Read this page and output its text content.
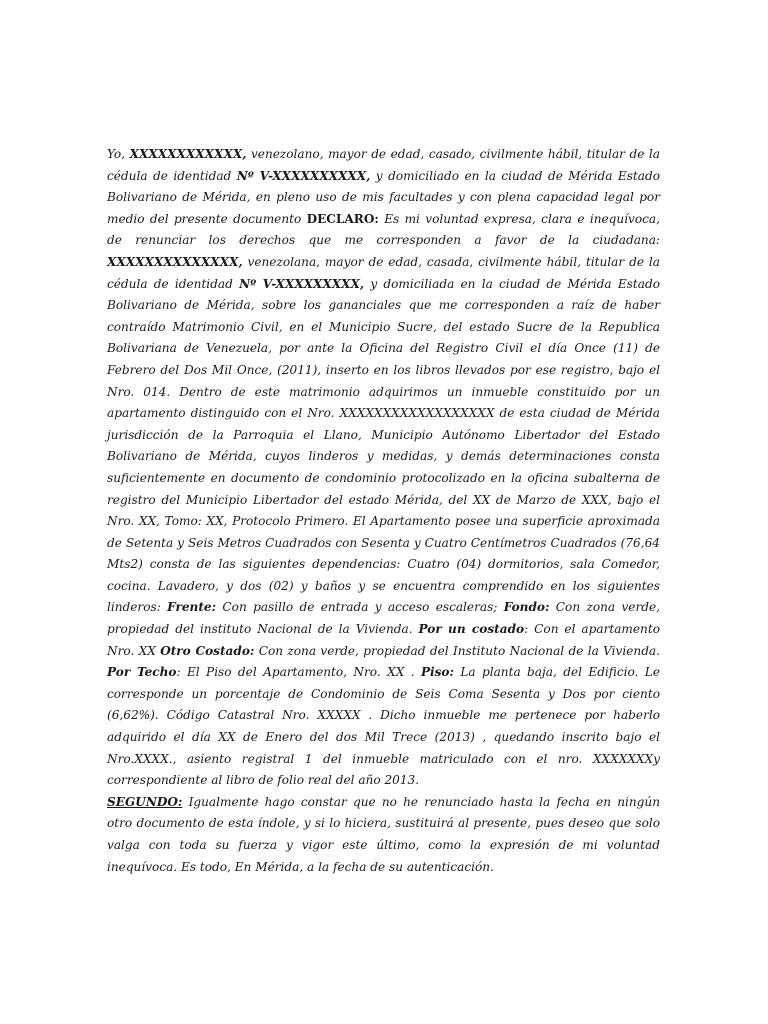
Yo, XXXXXXXXXXXX, venezolano, mayor de edad, casado, civilmente hábil, titular de la cédula de identidad Nº V-XXXXXXXXXX, y domiciliado en la ciudad de Mérida Estado Bolivariano de Mérida, en pleno uso de mis facultades y con plena capacidad legal por medio del presente documento DECLARO: Es mi voluntad expresa, clara e inequívoca, de renunciar los derechos que me corresponden a favor de la ciudadana: XXXXXXXXXXXXXX, venezolana, mayor de edad, casada, civilmente hábil, titular de la cédula de identidad Nº V-XXXXXXXXX, y domiciliada en la ciudad de Mérida Estado Bolivariano de Mérida, sobre los gananciales que me corresponden a raíz de haber contraído Matrimonio Civil, en el Municipio Sucre, del estado Sucre de la Republica Bolivariana de Venezuela, por ante la Oficina del Registro Civil el día Once (11) de Febrero del Dos Mil Once, (2011), inserto en los libros llevados por ese registro, bajo el Nro. 014. Dentro de este matrimonio adquirimos un inmueble constituido por un apartamento distinguido con el Nro. XXXXXXXXXXXXXXXXXX de esta ciudad de Mérida jurisdicción de la Parroquia el Llano, Municipio Autónomo Libertador del Estado Bolivariano de Mérida, cuyos linderos y medidas, y demás determinaciones consta suficientemente en documento de condominio protocolizado en la oficina subalterna de registro del Municipio Libertador del estado Mérida, del XX de Marzo de XXX, bajo el Nro. XX, Tomo: XX, Protocolo Primero. El Apartamento posee una superficie aproximada de Setenta y Seis Metros Cuadrados con Sesenta y Cuatro Centímetros Cuadrados (76,64 Mts2) consta de las siguientes dependencias: Cuatro (04) dormitorios, sala Comedor, cocina. Lavadero, y dos (02) y baños y se encuentra comprendido en los siguientes linderos: Frente: Con pasillo de entrada y acceso escaleras; Fondo: Con zona verde, propiedad del instituto Nacional de la Vivienda. Por un costado: Con el apartamento Nro. XX Otro Costado: Con zona verde, propiedad del Instituto Nacional de la Vivienda. Por Techo: El Piso del Apartamento, Nro. XX . Piso: La planta baja, del Edificio. Le corresponde un porcentaje de Condominio de Seis Coma Sesenta y Dos por ciento (6,62%). Código Catastral Nro. XXXXX . Dicho inmueble me pertenece por haberlo adquirido el día XX de Enero del dos Mil Trece (2013) , quedando inscrito bajo el Nro.XXXX., asiento registral 1 del inmueble matriculado con el nro. XXXXXXXy correspondiente al libro de folio real del año 2013.

SEGUNDO: Igualmente hago constar que no he renunciado hasta la fecha en ningún otro documento de esta índole, y si lo hiciera, sustituirá al presente, pues deseo que solo valga con toda su fuerza y vigor este último, como la expresión de mi voluntad inequívoca. Es todo, En Mérida, a la fecha de su autenticación.
